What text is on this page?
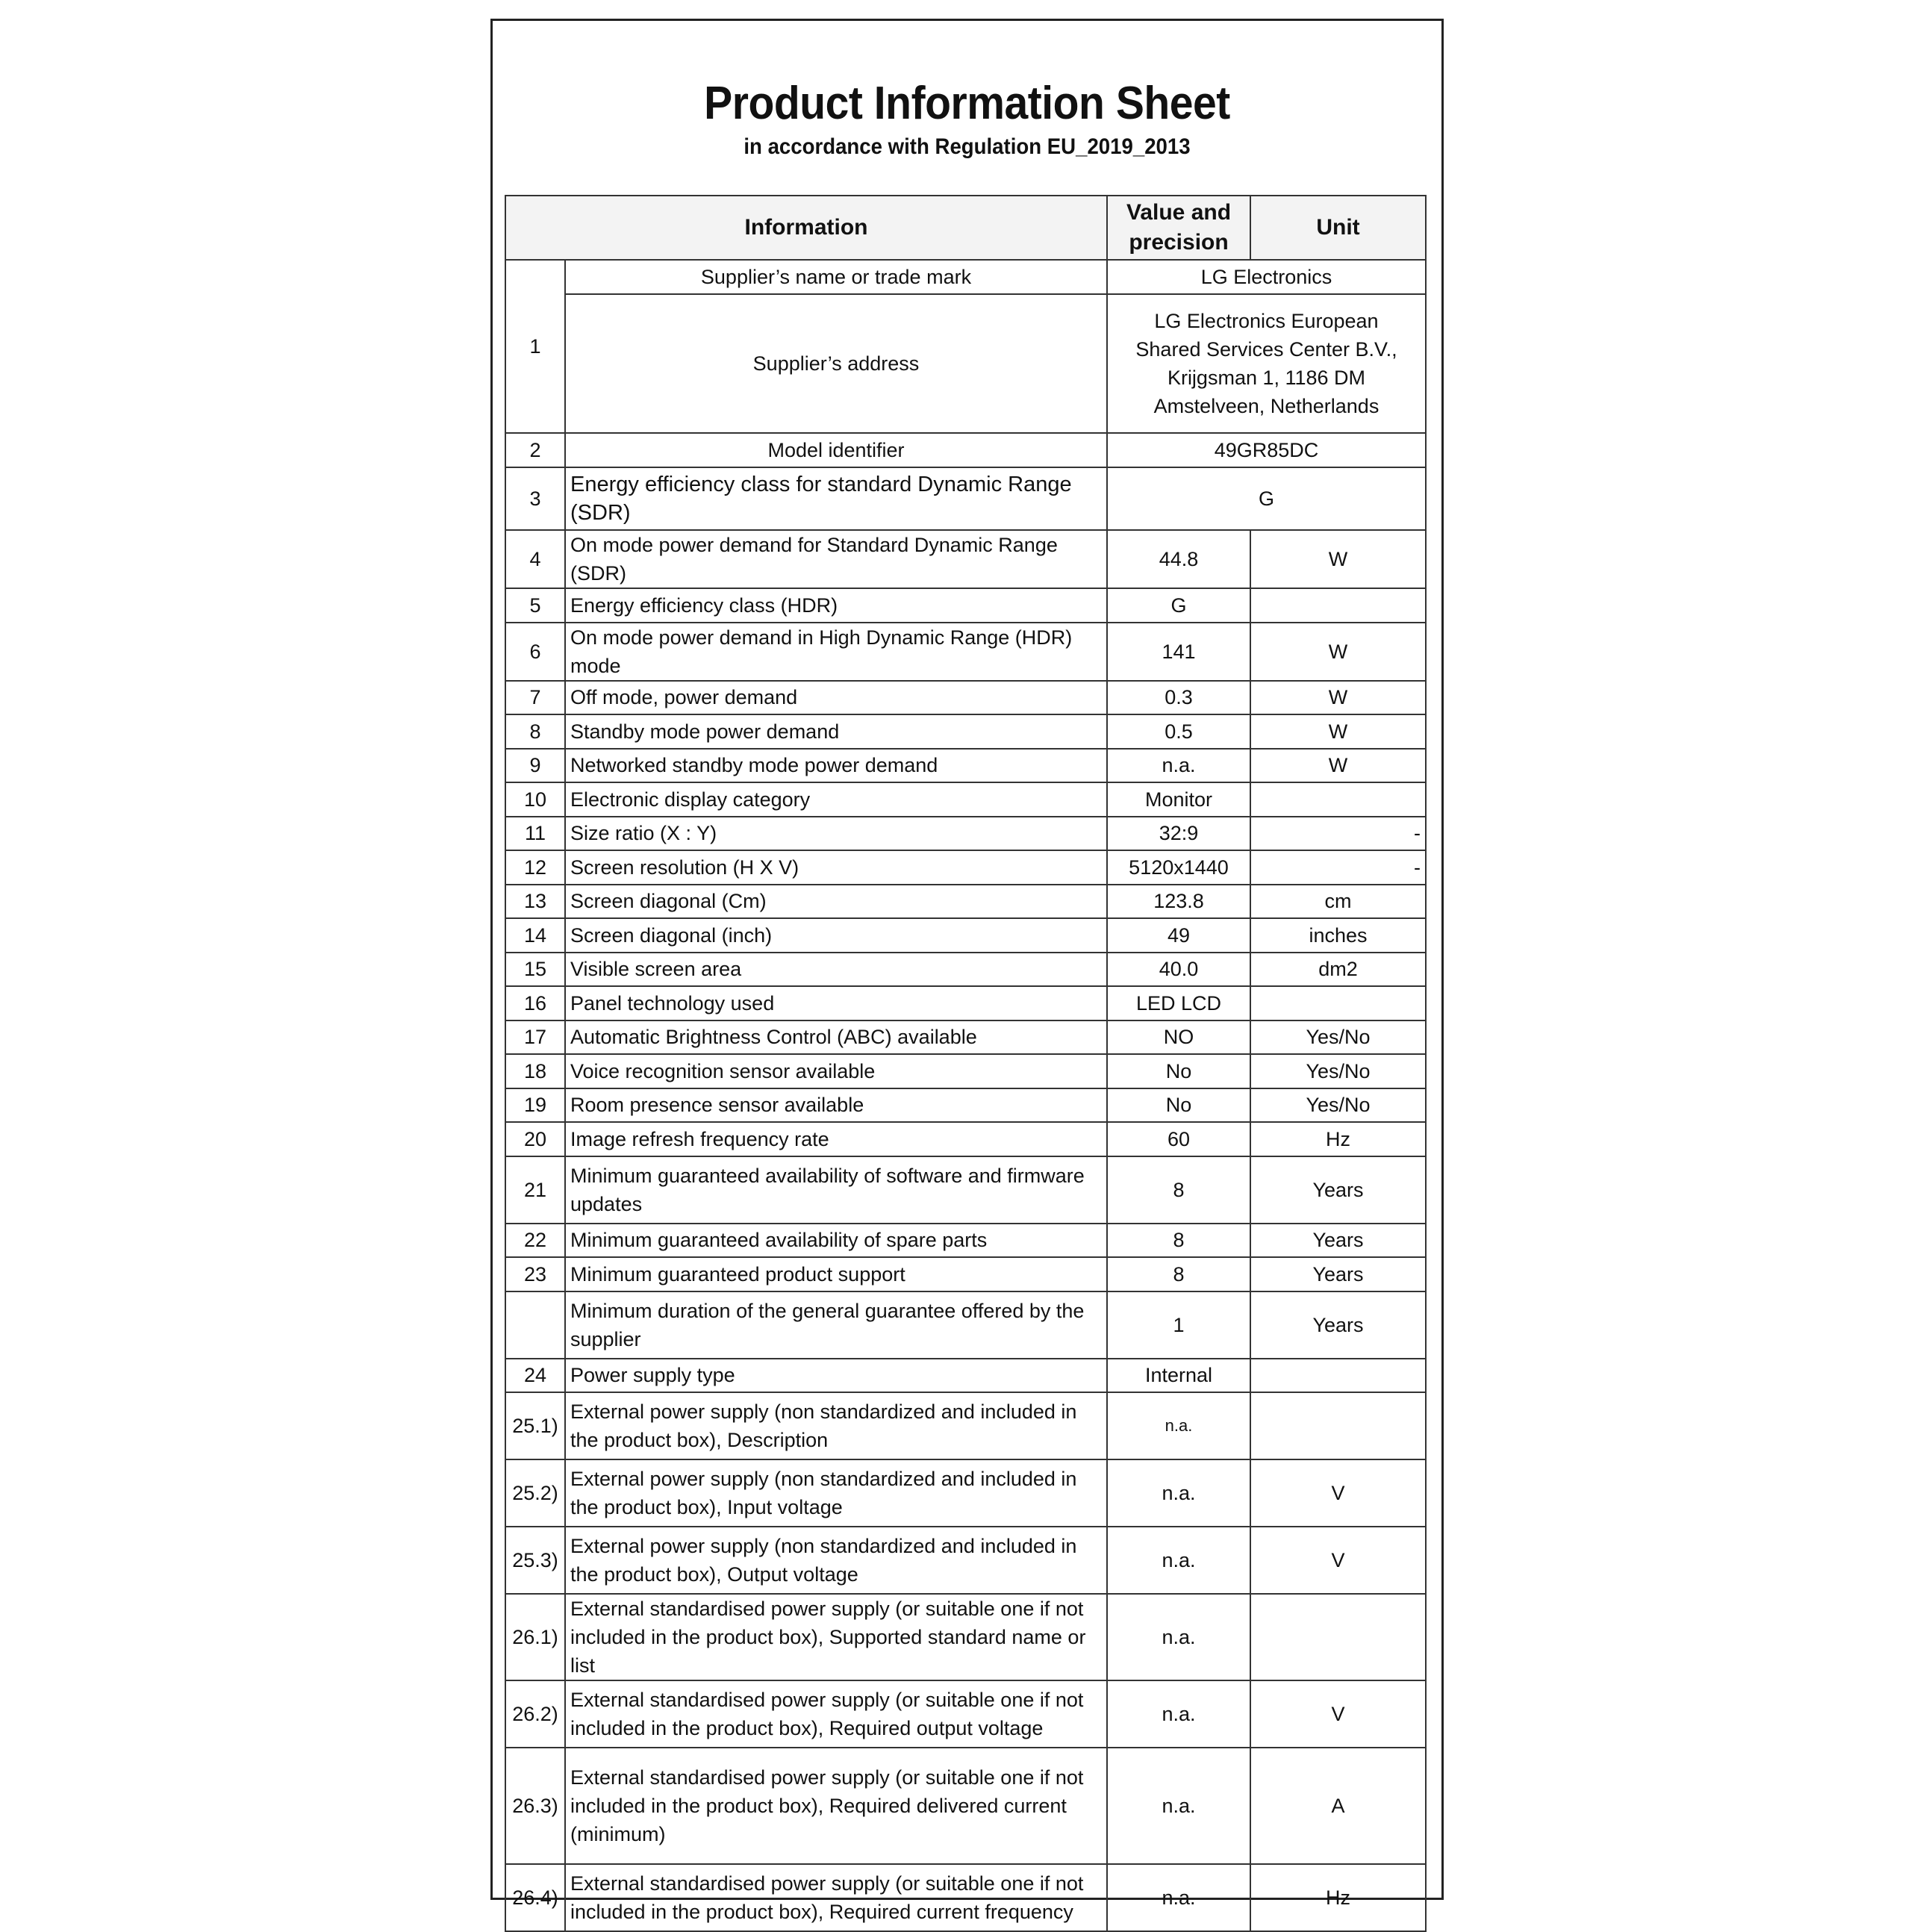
Product Information Sheet
in accordance with Regulation EU_2019_2013
Information		Value and precision	Unit
1	Supplier’s name or trade mark	LG Electronics	
	Supplier’s address	LG Electronics European Shared Services Center B.V., Krijgsman 1, 1186 DM Amstelveen, Netherlands	
2	Model identifier	49GR85DC	
3	Energy efficiency class for standard Dynamic Range (SDR)	G	
4	On mode power demand for Standard Dynamic Range (SDR)	44.8	W
5	Energy efficiency class (HDR)	G	
6	On mode power demand in High Dynamic Range (HDR) mode	141	W
7	Off mode, power demand	0.3	W
8	Standby mode power demand	0.5	W
9	Networked standby mode power demand	n.a.	W
10	Electronic display category	Monitor	
11	Size ratio (X : Y)	32:9	-
12	Screen resolution (H X V)	5120x1440	-
13	Screen diagonal (Cm)	123.8	cm
14	Screen diagonal (inch)	49	inches
15	Visible screen area	40.0	dm2
16	Panel technology used	LED LCD	
17	Automatic Brightness Control (ABC) available	NO	Yes/No
18	Voice recognition sensor available	No	Yes/No
19	Room presence sensor available	No	Yes/No
20	Image refresh frequency rate	60	Hz
21	Minimum guaranteed availability of software and firmware updates	8	Years
22	Minimum guaranteed availability of spare parts	8	Years
23	Minimum guaranteed product support	8	Years
	Minimum duration of the general guarantee offered by the supplier	1	Years
24	Power supply type	Internal	
25.1)	External power supply (non standardized and included in the product box), Description	n.a.	
25.2)	External power supply (non standardized and included in the product box), Input voltage	n.a.	V
25.3)	External power supply (non standardized and included in the product box), Output voltage	n.a.	V
26.1)	External standardised power supply (or suitable one if not included in the product box), Supported standard name or list	n.a.	
26.2)	External standardised power supply (or suitable one if not included in the product box), Required output voltage	n.a.	V
26.3)	External standardised power supply (or suitable one if not included in the product box), Required delivered current (minimum)	n.a.	A
26.4)	External standardised power supply (or suitable one if not included in the product box), Required current frequency	n.a.	Hz
